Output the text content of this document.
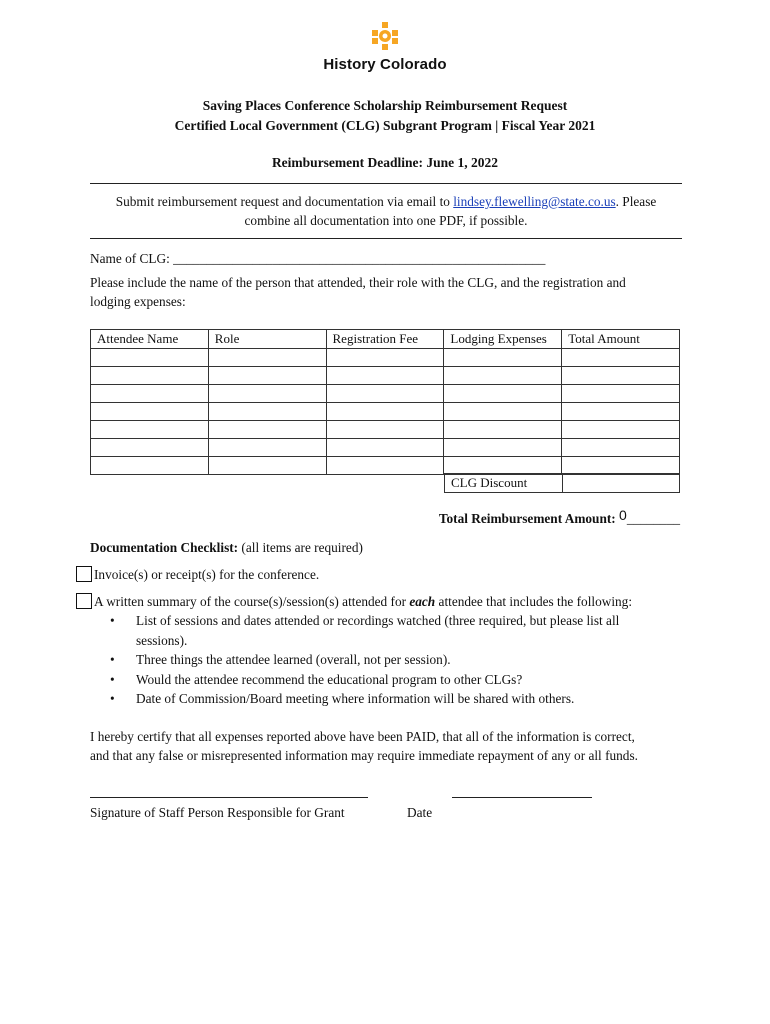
History Colorado
Saving Places Conference Scholarship Reimbursement Request
Certified Local Government (CLG) Subgrant Program | Fiscal Year 2021
Reimbursement Deadline: June 1, 2022
Submit reimbursement request and documentation via email to lindsey.flewelling@state.co.us. Please
combine all documentation into one PDF, if possible.
Name of CLG: ________________________________________________________
Please include the name of the person that attended, their role with the CLG, and the registration and
lodging expenses:
Attendee Name	Role	Registration Fee	Lodging Expenses	Total Amount

CLG Discount	
Total Reimbursement Amount: 0________
Documentation Checklist: (all items are required)
Invoice(s) or receipt(s) for the conference.
A written summary of the course(s)/session(s) attended for each attendee that includes the following:
• List of sessions and dates attended or recordings watched (three required, but please list all sessions).
• Three things the attendee learned (overall, not per session).
• Would the attendee recommend the educational program to other CLGs?
• Date of Commission/Board meeting where information will be shared with others.
I hereby certify that all expenses reported above have been PAID, that all of the information is correct,
and that any false or misrepresented information may require immediate repayment of any or all funds.
Signature of Staff Person Responsible for Grant	Date
